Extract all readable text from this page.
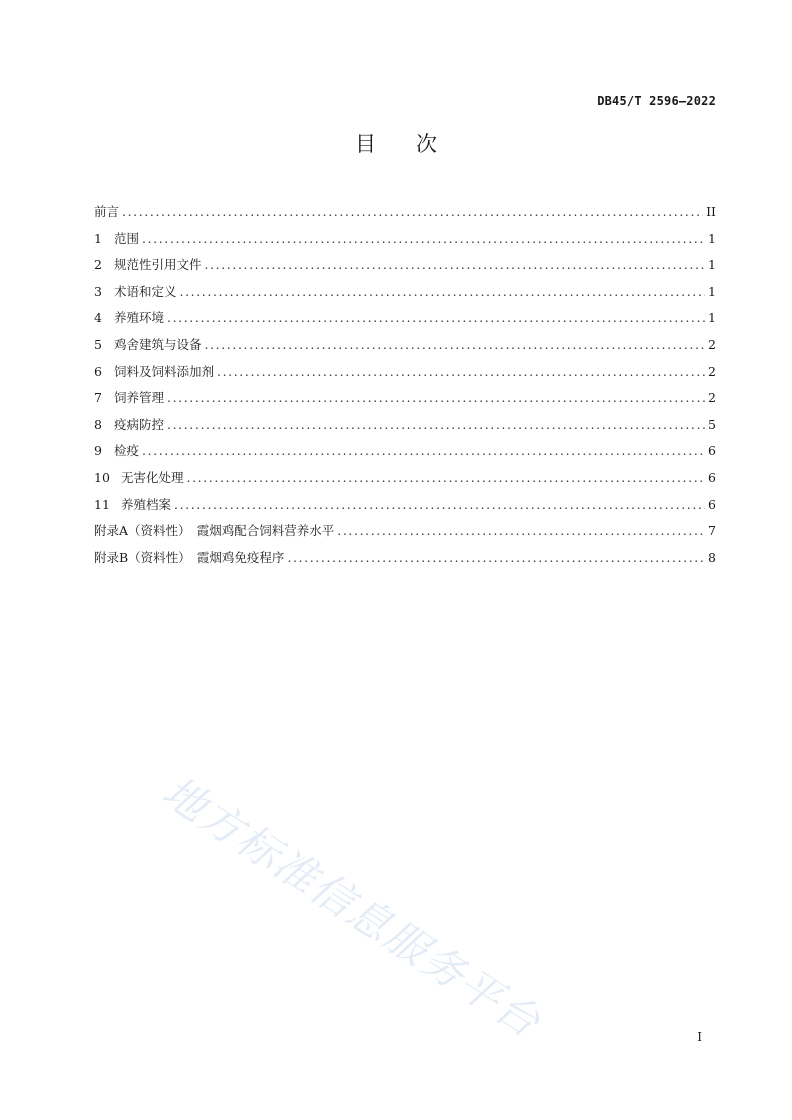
DB45/T 2596—2022
目 次
前言 .....	II
1 范围 .....	1
2 规范性引用文件 .....	1
3 术语和定义 .....	1
4 养殖环境 .....	1
5 鸡舍建筑与设备 .....	2
6 饲料及饲料添加剂 .....	2
7 饲养管理 .....	2
8 疫病防控 .....	5
9 检疫 .....	6
10 无害化处理 .....	6
11 养殖档案 .....	6
附录A（资料性）　霞烟鸡配合饲料营养水平 .....	7
附录B（资料性）　霞烟鸡免疫程序 .....	8
地方标准信息服务平台	I
